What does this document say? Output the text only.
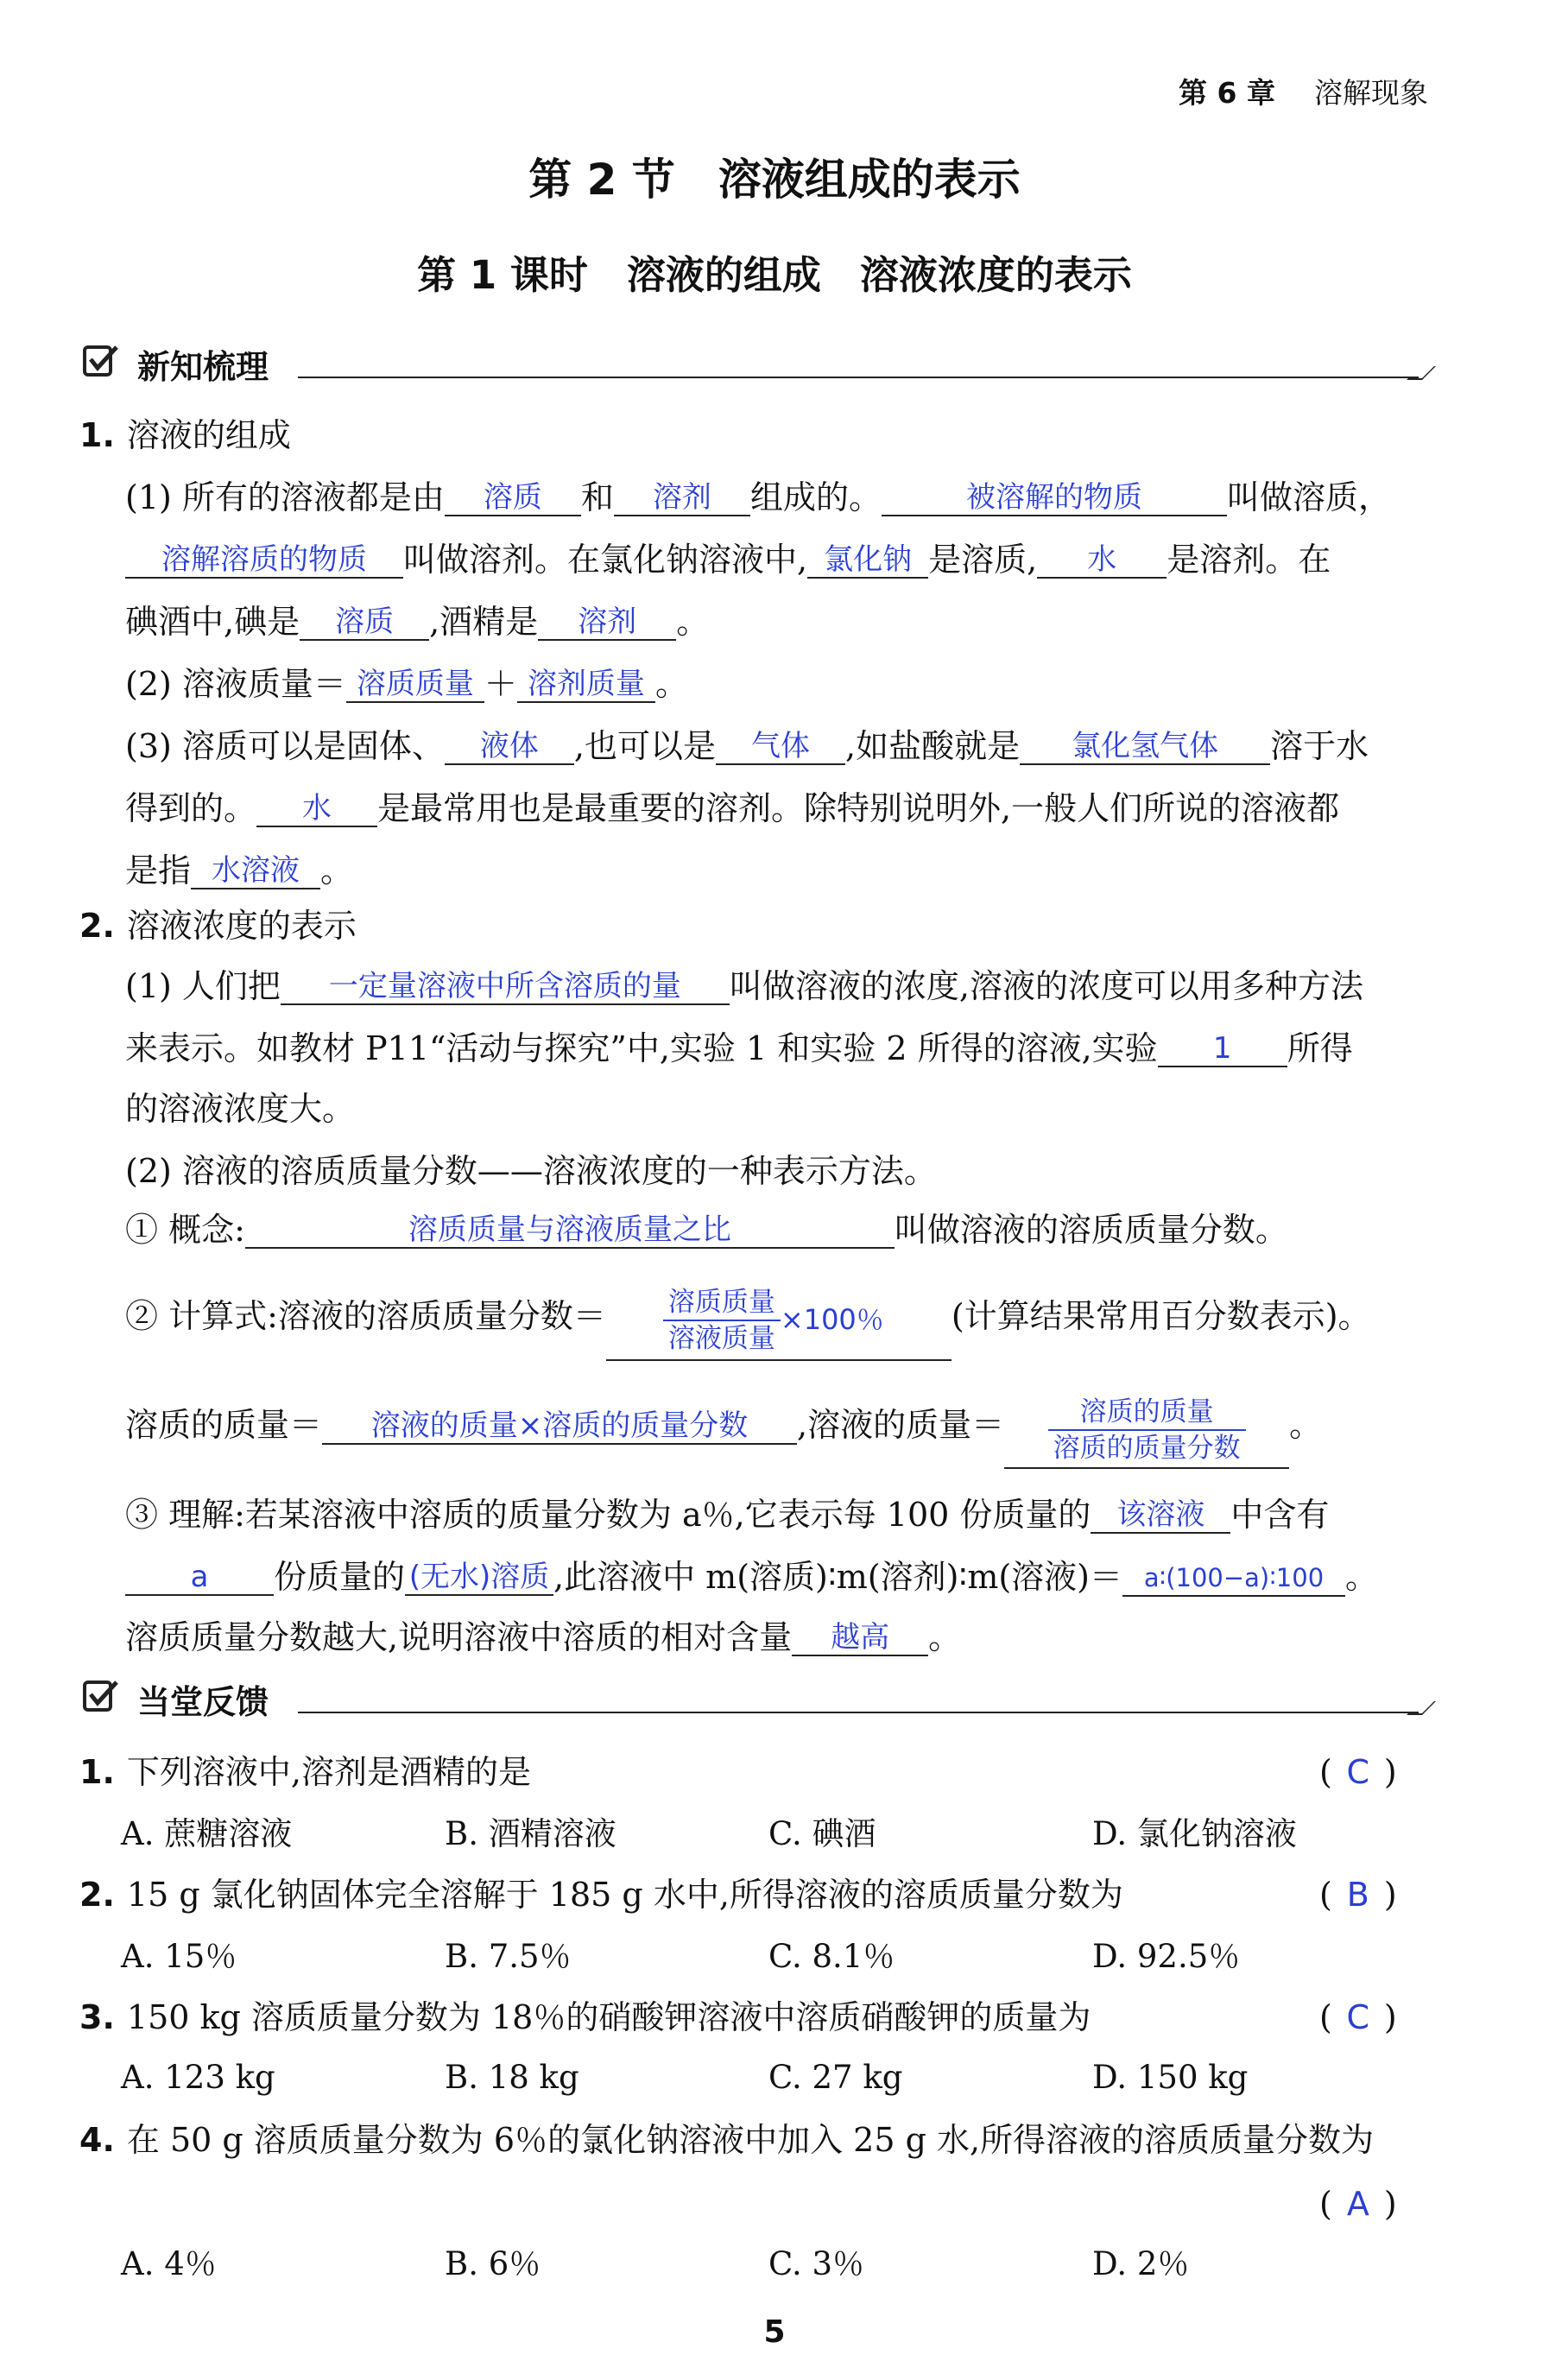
第 6 章 溶解现象
第 2 节　溶液组成的表示
第 1 课时　溶液的组成　溶液浓度的表示
新知梳理
1. 溶液的组成
(1) 所有的溶液都是由 溶质 和 溶剂 组成的。	被溶解的物质	叫做溶质，
溶解溶质的物质 叫做溶剂。在氯化钠溶液中, 氯化钠 是溶质, 水 是溶剂。在
碘酒中,碘是 溶质 ,酒精是 溶剂 。
(2) 溶液质量＝ 溶质质量 ＋ 溶剂质量 。
(3) 溶质可以是固体、 液体 ,也可以是 气体 ,如盐酸就是 氯化氢气体 溶于水
得到的。 水 是最常用也是最重要的溶剂。除特别说明外,一般人们所说的溶液都
是指 水溶液 。
2. 溶液浓度的表示
(1) 人们把 一定量溶液中所含溶质的量 叫做溶液的浓度,溶液的浓度可以用多种方法
来表示。如教材 P11“活动与探究”中,实验 1 和实验 2 所得的溶液,实验 1 所得
的溶液浓度大。
(2) 溶液的溶质质量分数——溶液浓度的一种表示方法。
① 概念:	溶质质量与溶液质量之比	叫做溶液的溶质质量分数。
② 计算式:溶液的溶质质量分数＝ $\frac{\text{溶质质量}}{\text{溶液质量}} \times 100$％ (计算结果常用百分数表示)。
溶质的质量＝ 溶液的质量×溶质的质量分数 ,溶液的质量＝ $\frac{\text{溶质的质量}}{\text{溶质的质量分数}}$ 。
③ 理解:若某溶液中溶质的质量分数为 a％,它表示每 100 份质量的 该溶液 中含有
a 份质量的 (无水)溶质 ,此溶液中 m(溶质)∶m(溶剂)∶m(溶液)＝ a∶(100−a)∶100 。
溶质质量分数越大,说明溶液中溶质的相对含量 越高 。
当堂反馈
1. 下列溶液中,溶剂是酒精的是	( C )
A. 蔗糖溶液	B. 酒精溶液	C. 碘酒	D. 氯化钠溶液
2. 15 g 氯化钠固体完全溶解于 185 g 水中,所得溶液的溶质质量分数为	( B )
A. 15％	B. 7.5％	C. 8.1％	D. 92.5％
3. 150 kg 溶质质量分数为 18％的硝酸钾溶液中溶质硝酸钾的质量为	( C )
A. 123 kg	B. 18 kg	C. 27 kg	D. 150 kg
4. 在 50 g 溶质质量分数为 6％的氯化钠溶液中加入 25 g 水,所得溶液的溶质质量分数为
( A )
A. 4％	B. 6％	C. 3％	D. 2％
5
